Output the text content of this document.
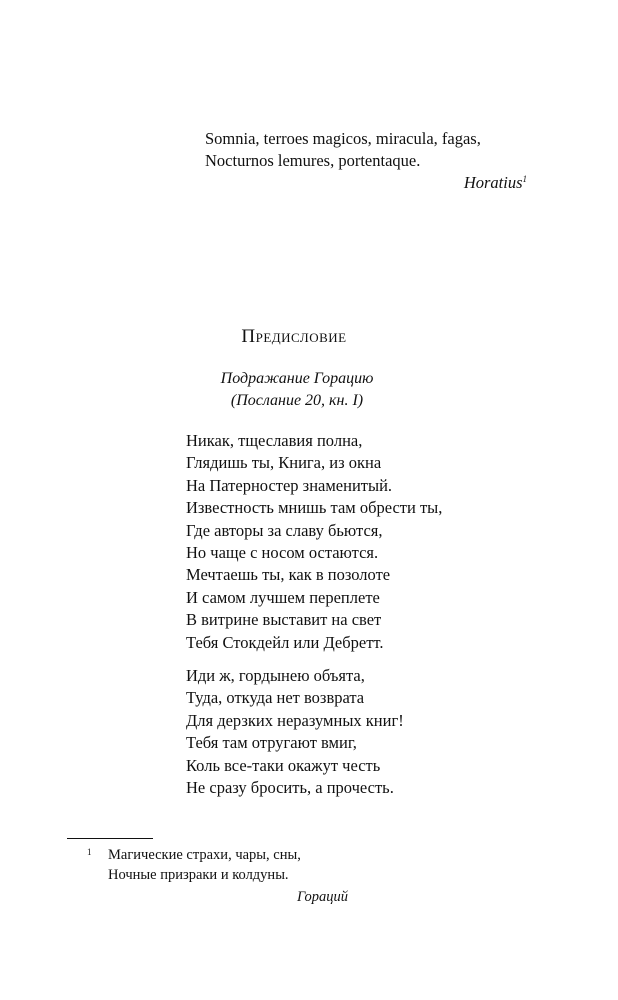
Somnia, terroes magicos, miracula, fagas,
Nocturnos lemures, portentaque.
Horatius$^1$
Предисловие
Подражание Горацию
(Послание 20, кн. I)
Никак, тщеславия полна,
Глядишь ты, Книга, из окна
На Патерностер знаменитый.
Известность мнишь там обрести ты,
Где авторы за славу бьются,
Но чаще с носом остаются.
Мечтаешь ты, как в позолоте
И самом лучшем переплете
В витрине выставит на свет
Тебя Стокдейл или Дебретт.
Иди ж, гордынею объята,
Туда, откуда нет возврата
Для дерзких неразумных книг!
Тебя там отругают вмиг,
Коль все-таки окажут честь
Не сразу бросить, а прочесть.
1 Магические страхи, чары, сны,
Ночные призраки и колдуны.
Гораций
